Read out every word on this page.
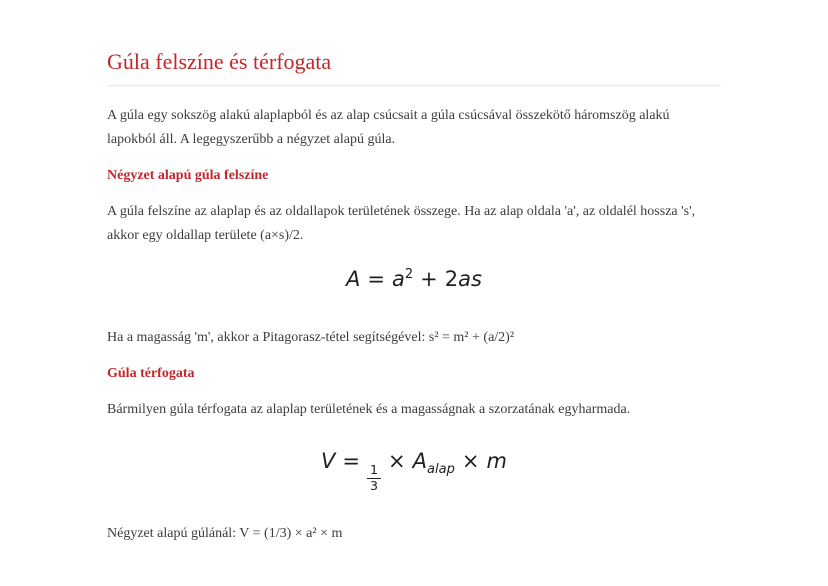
Gúla felszíne és térfogata

A gúla egy sokszög alakú alaplapból és az alap csúcsait a gúla csúcsával összekötő háromszög alakú lapokból áll. A legegyszerűbb a négyzet alapú gúla.

Négyzet alapú gúla felszíne

A gúla felszíne az alaplap és az oldallapok területének összege. Ha az alap oldala 'a', az oldalél hossza 's', akkor egy oldallap területe (a×s)/2.

$A = a^2 + 2as$

Ha a magasság 'm', akkor a Pitagorasz-tétel segítségével: s² = m² + (a/2)²

Gúla térfogata

Bármilyen gúla térfogata az alaplap területének és a magasságnak a szorzatának egyharmada.

V =
$\frac{1}{3}$
× $A_{alap} \times m$

Négyzet alapú gúlánál: V = (1/3) × a² × m
